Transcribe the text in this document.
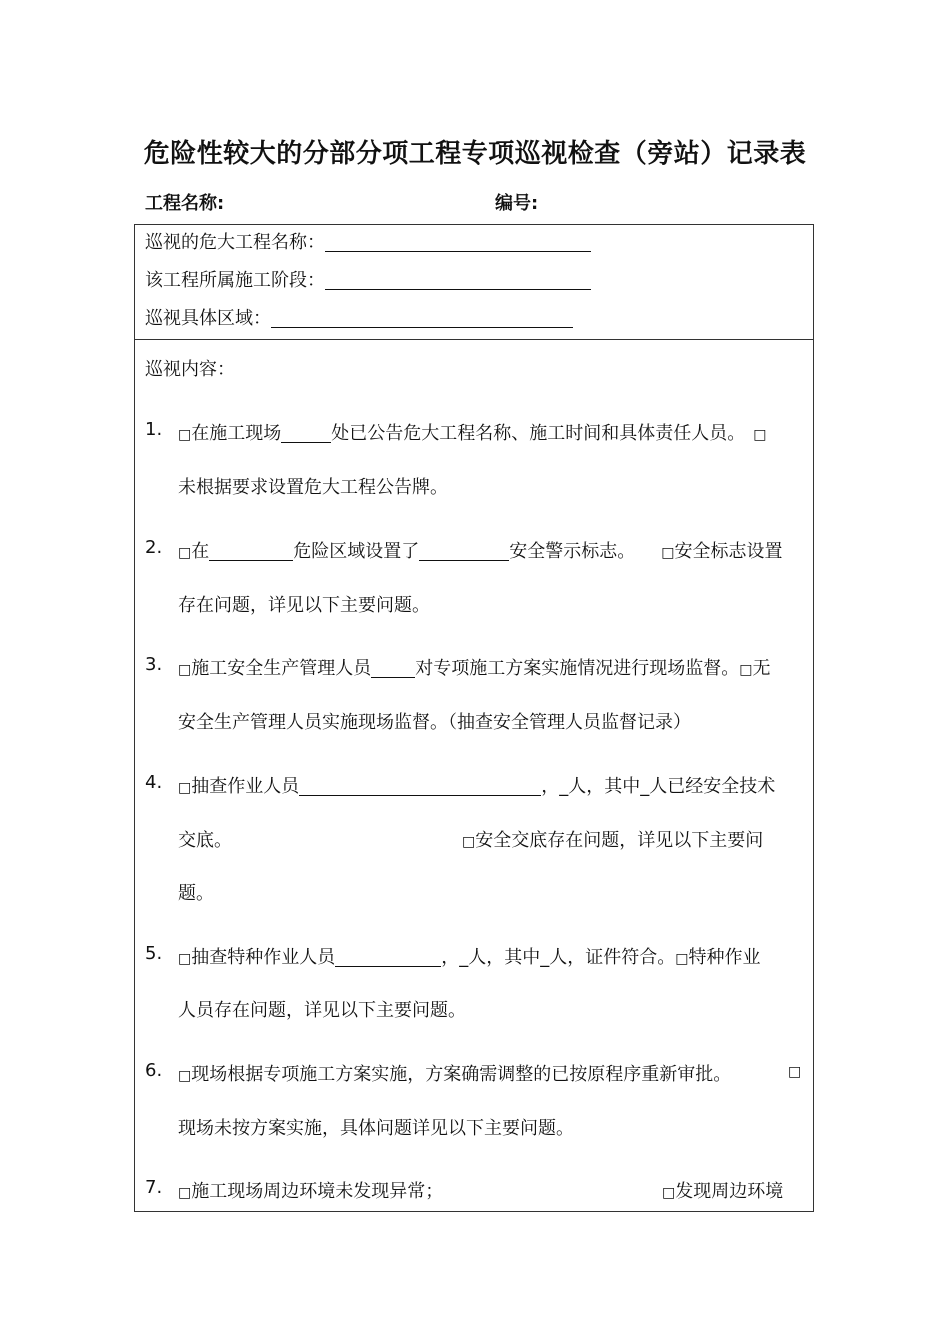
危险性较大的分部分项工程专项巡视检查（旁站）记录表
工程名称:	编号:
巡视的危大工程名称：
该工程所属施工阶段：
巡视具体区域：
巡视内容：
1. □在施工现场	处已公告危大工程名称、施工时间和具体责任人员。 □
未根据要求设置危大工程公告牌。
2. □在	危险区域设置了	安全警示标志。 □安全标志设置
存在问题，详见以下主要问题。
3. □施工安全生产管理人员 对专项施工方案实施情况进行现场监督。□无
安全生产管理人员实施现场监督。（抽查安全管理人员监督记录）
4. □抽查作业人员	，_人，其中_人已经安全技术
交底。	□安全交底存在问题，详见以下主要问
题。
5. □抽查特种作业人员	，_人，其中_人，证件符合。□特种作业
人员存在问题，详见以下主要问题。
6. □现场根据专项施工方案实施，方案确需调整的已按原程序重新审批。	□
现场未按方案实施，具体问题详见以下主要问题。
7. □施工现场周边环境未发现异常；	□发现周边环境
